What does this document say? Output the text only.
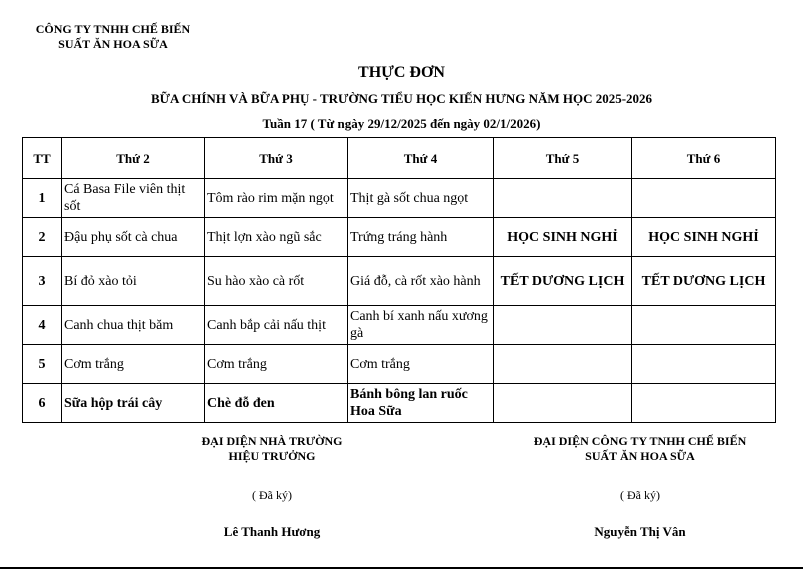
CÔNG TY TNHH CHẾ BIẾN
SUẤT ĂN HOA SỮA
THỰC ĐƠN
BỮA CHÍNH VÀ BỮA PHỤ - TRƯỜNG TIỂU HỌC KIẾN HƯNG NĂM HỌC 2025-2026
Tuần 17 ( Từ ngày 29/12/2025 đến ngày 02/1/2026)
TT	Thứ 2	Thứ 3	Thứ 4	Thứ 5	Thứ 6
1	Cá Basa File viên thịt sốt	Tôm rào rim mặn ngọt	Thịt gà sốt chua ngọt		
2	Đậu phụ sốt cà chua	Thịt lợn xào ngũ sắc	Trứng tráng hành	HỌC SINH NGHỈ	HỌC SINH NGHỈ
3	Bí đỏ xào tỏi	Su hào xào cà rốt	Giá đỗ, cà rốt xào hành	TẾT DƯƠNG LỊCH	TẾT DƯƠNG LỊCH
4	Canh chua thịt băm	Canh bắp cải nấu thịt	Canh bí xanh nấu xương gà		
5	Cơm trắng	Cơm trắng	Cơm trắng		
6	Sữa hộp trái cây	Chè đỗ đen	Bánh bông lan ruốc Hoa Sữa		
ĐẠI DIỆN NHÀ TRƯỜNG
HIỆU TRƯỞNG
( Đã ký)
Lê Thanh Hương
ĐẠI DIỆN CÔNG TY TNHH CHẾ BIẾN
SUẤT ĂN HOA SỮA
( Đã ký)
Nguyễn Thị Vân
